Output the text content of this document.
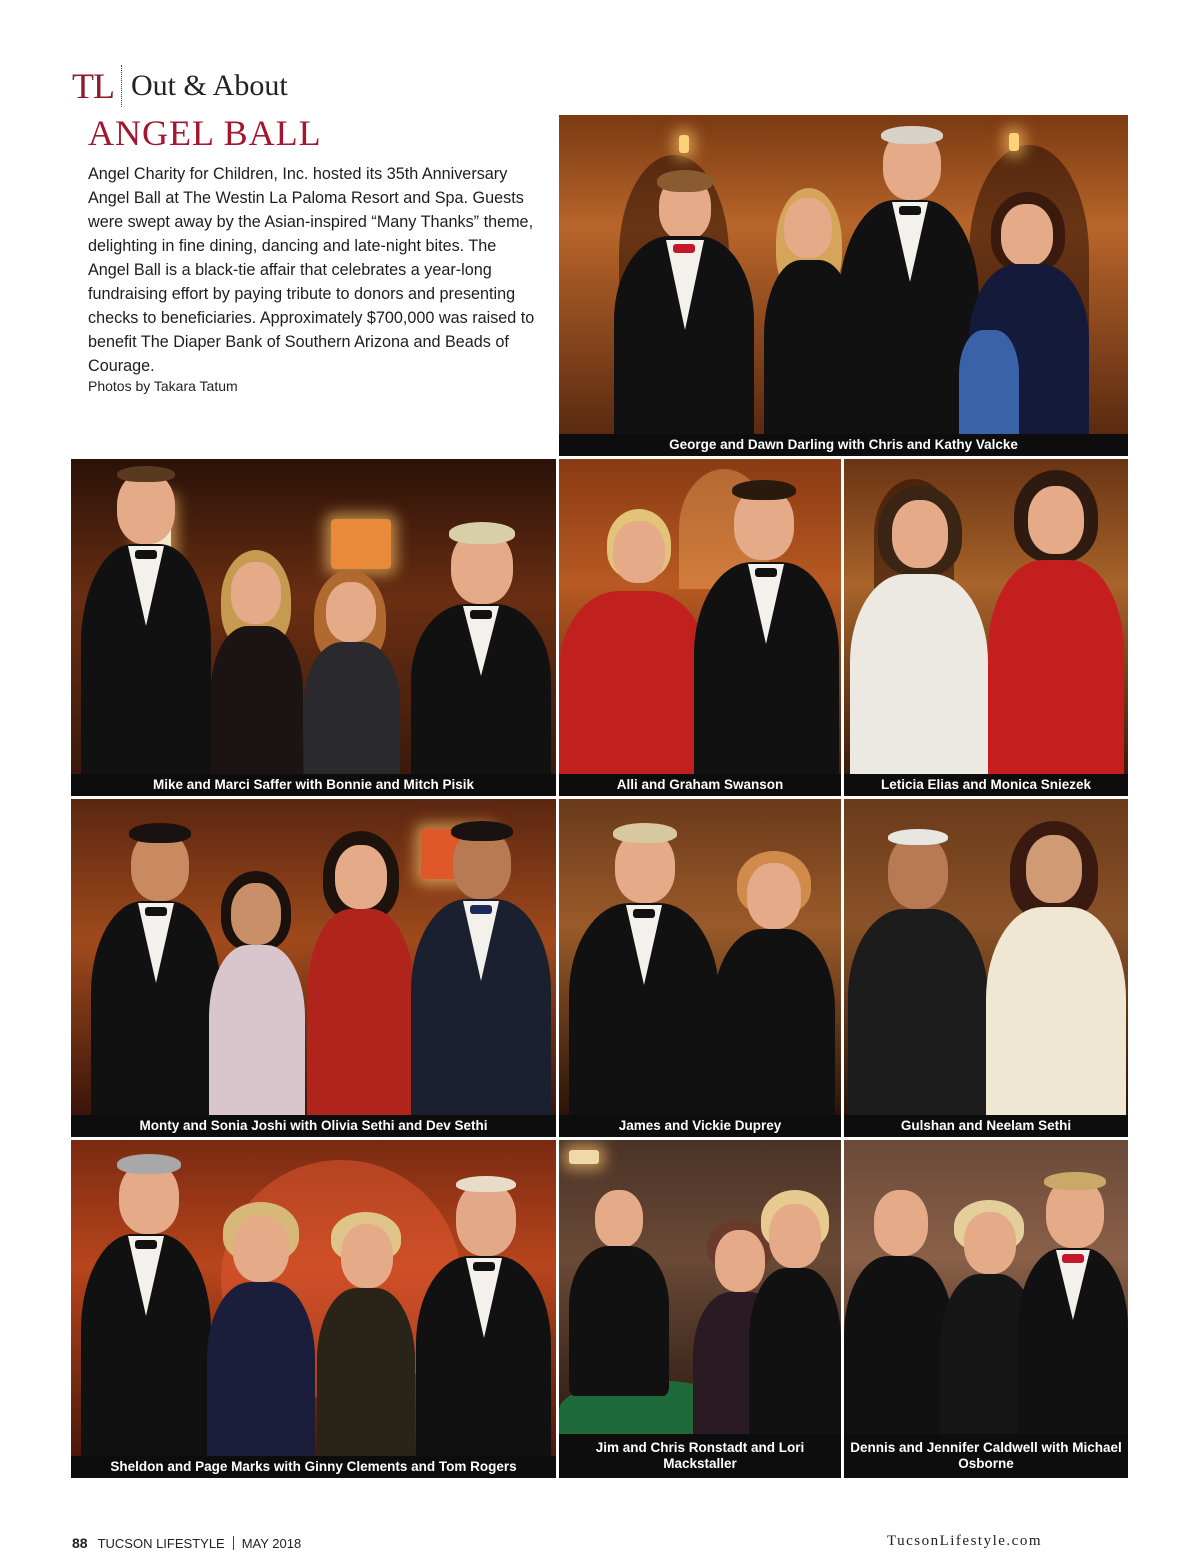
TL Out & About
ANGEL BALL
Angel Charity for Children, Inc. hosted its 35th Anniversary Angel Ball at The Westin La Paloma Resort and Spa. Guests were swept away by the Asian-inspired “Many Thanks” theme, delighting in fine dining, dancing and late-night bites. The Angel Ball is a black-tie affair that celebrates a year-long fundraising effort by paying tribute to donors and presenting checks to beneficiaries. Approximately $700,000 was raised to benefit The Diaper Bank of Southern Arizona and Beads of Courage.
Photos by Takara Tatum
George and Dawn Darling with Chris and Kathy Valcke
Mike and Marci Saffer with Bonnie and Mitch Pisik	Alli and Graham Swanson	Leticia Elias and Monica Sniezek
Monty and Sonia Joshi with Olivia Sethi and Dev Sethi	James and Vickie Duprey	Gulshan and Neelam Sethi
Sheldon and Page Marks with Ginny Clements and Tom Rogers
Jim and Chris Ronstadt and Lori Mackstaller
Dennis and Jennifer Caldwell with Michael Osborne
88 TUCSON LIFESTYLE MAY 2018	TucsonLifestyle.com
